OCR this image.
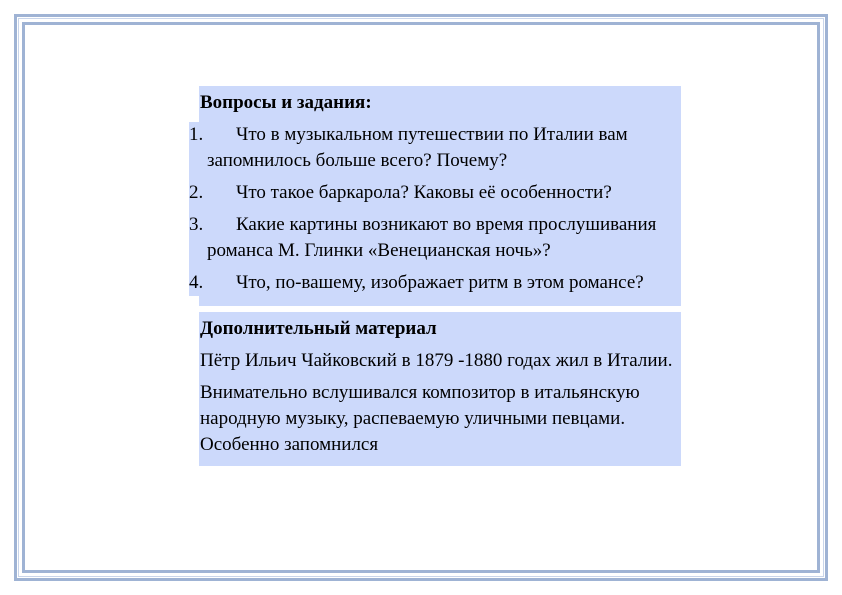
Вопросы и задания:
1.	Что в музыкальном путешествии по Италии вам запомнилось больше всего? Почему?
2.	Что такое баркарола? Каковы её особенности?
3.	Какие картины возникают во время прослушивания романса М. Глинки «Венецианская ночь»?
4.	Что, по-вашему, изображает ритм в этом романсе?
Дополнительный материал

Пётр Ильич Чайковский в 1879 -1880 годах жил в Италии.

Внимательно вслушивался композитор в итальянскую народную музыку, распеваемую уличными певцами. Особенно запомнился
